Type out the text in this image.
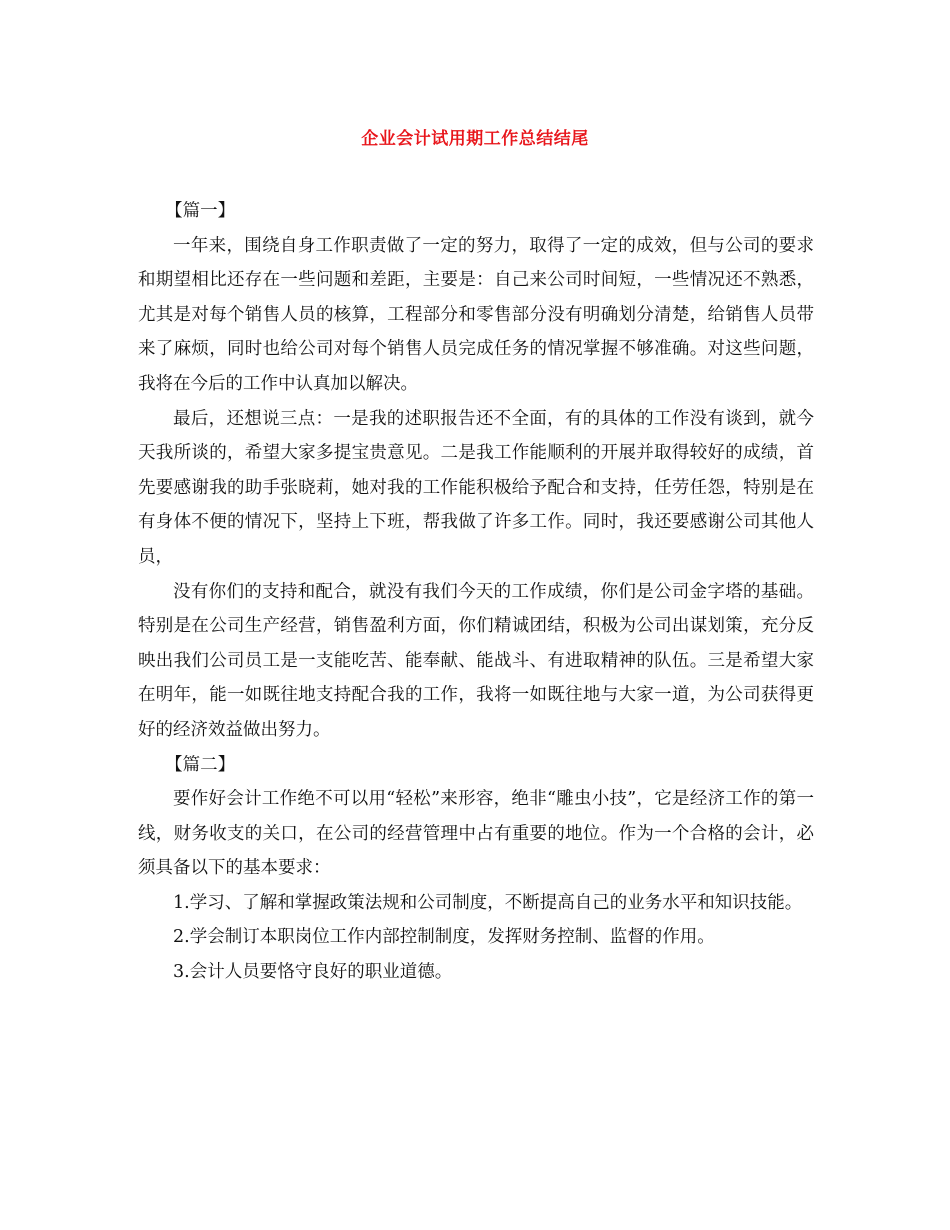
企业会计试用期工作总结结尾

【篇一】

一年来，围绕自身工作职责做了一定的努力，取得了一定的成效，但与公司的要求和期望相比还存在一些问题和差距，主要是：自己来公司时间短，一些情况还不熟悉，尤其是对每个销售人员的核算，工程部分和零售部分没有明确划分清楚，给销售人员带来了麻烦，同时也给公司对每个销售人员完成任务的情况掌握不够准确。对这些问题，我将在今后的工作中认真加以解决。

最后，还想说三点：一是我的述职报告还不全面，有的具体的工作没有谈到，就今天我所谈的，希望大家多提宝贵意见。二是我工作能顺利的开展并取得较好的成绩，首先要感谢我的助手张晓莉，她对我的工作能积极给予配合和支持，任劳任怨，特别是在有身体不便的情况下，坚持上下班，帮我做了许多工作。同时，我还要感谢公司其他人员，

没有你们的支持和配合，就没有我们今天的工作成绩，你们是公司金字塔的基础。特别是在公司生产经营，销售盈利方面，你们精诚团结，积极为公司出谋划策，充分反映出我们公司员工是一支能吃苦、能奉献、能战斗、有进取精神的队伍。三是希望大家在明年，能一如既往地支持配合我的工作，我将一如既往地与大家一道，为公司获得更好的经济效益做出努力。

【篇二】

要作好会计工作绝不可以用“轻松”来形容，绝非“雕虫小技”，它是经济工作的第一线，财务收支的关口，在公司的经营管理中占有重要的地位。作为一个合格的会计，必须具备以下的基本要求：

1.学习、了解和掌握政策法规和公司制度，不断提高自己的业务水平和知识技能。

2.学会制订本职岗位工作内部控制制度，发挥财务控制、监督的作用。

3.会计人员要恪守良好的职业道德。
